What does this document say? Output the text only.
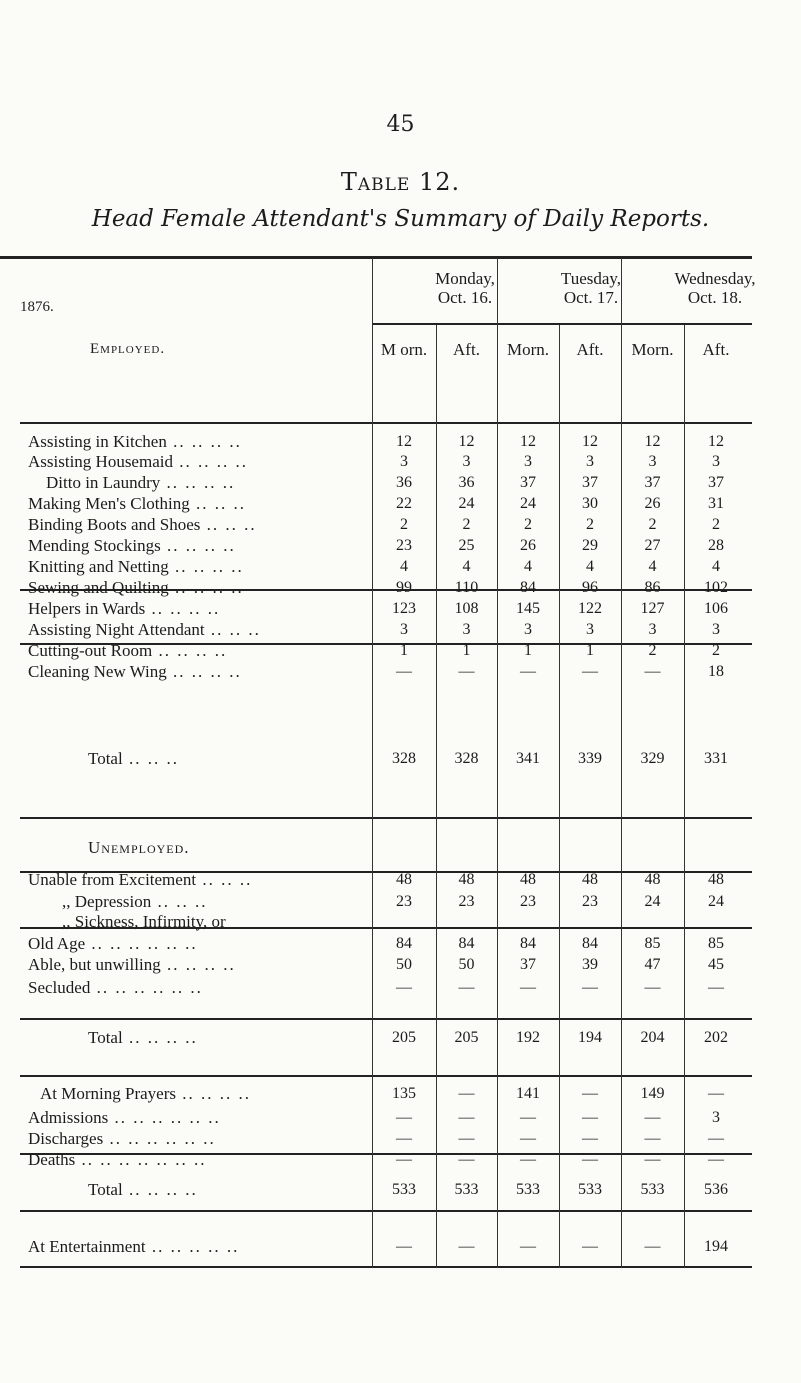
45
Table 12.
Head Female Attendant's Summary of Daily Reports.
1876.
Employed.
Monday,
Oct. 16.
Tuesday,
Oct. 17.
Wednesday,
Oct. 18.
M orn.	Aft.	Morn.	Aft.	Morn.	Aft.
Assisting in Kitchen .. .. .. ..	12	12	12	12	12	12
Assisting Housemaid .. .. .. ..	3	3	3	3	3	3
Ditto in Laundry .. .. .. ..	36	36	37	37	37	37
Making Men's Clothing .. .. ..	22	24	24	30	26	31
Binding Boots and Shoes .. .. ..	2	2	2	2	2	2
Mending Stockings .. .. .. ..	23	25	26	29	27	28
Knitting and Netting .. .. .. ..	4	4	4	4	4	4
Sewing and Quilting .. .. .. ..	99	110	84	96	86	102
Helpers in Wards .. .. .. ..	123	108	145	122	127	106
Assisting Night Attendant .. .. ..	3	3	3	3	3	3
Cutting-out Room .. .. .. ..	1	1	1	1	2	2
Cleaning New Wing .. .. .. ..	—	—	—	—	—	18
Total .. .. ..	328	328	341	339	329	331
Unemployed.
Unable from Excitement .. .. ..	48	48	48	48	48	48
,, Depression .. .. ..	23	23	23	23	24	24
,, Sickness, Infirmity, or
Old Age .. .. .. .. .. ..	84	84	84	84	85	85
Able, but unwilling .. .. .. ..	50	50	37	39	47	45
Secluded .. .. .. .. .. ..	—	—	—	—	—	—
Total .. .. .. ..	205	205	192	194	204	202
At Morning Prayers .. .. .. ..	135	—	141	—	149	—
Admissions .. .. .. .. .. ..	—	—	—	—	—	3
Discharges .. .. .. .. .. ..	—	—	—	—	—	—
Deaths .. .. .. .. .. .. ..	—	—	—	—	—	—
Total .. .. .. ..	533	533	533	533	533	536
At Entertainment .. .. .. .. ..	—	—	—	—	—	194
